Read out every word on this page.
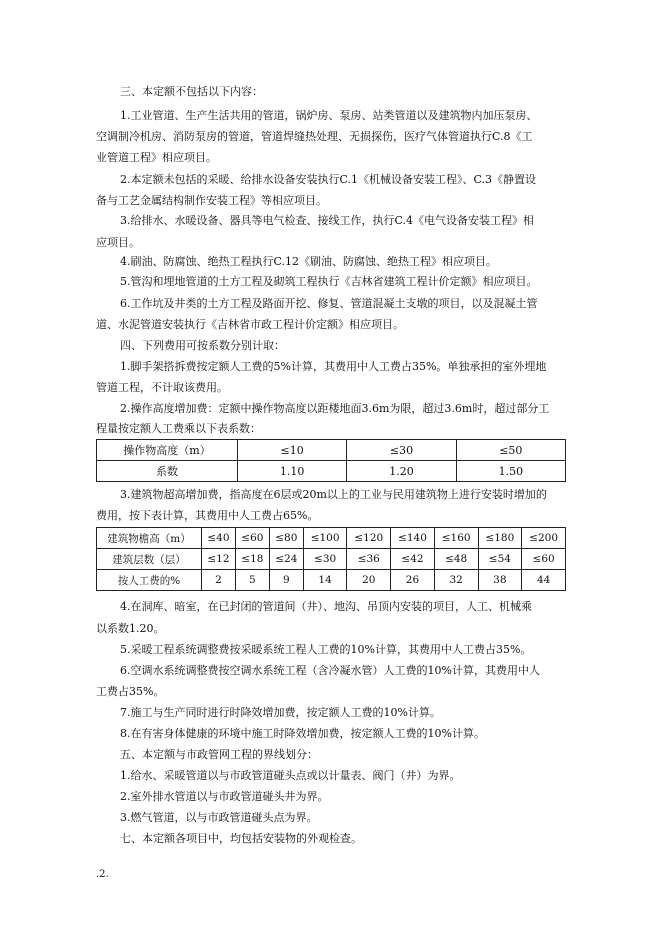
三、本定额不包括以下内容：
1.工业管道、生产生活共用的管道，锅炉房、泵房、站类管道以及建筑物内加压泵房、
空调制冷机房、消防泵房的管道，管道焊缝热处理、无损探伤，医疗气体管道执行C.8《工
业管道工程》相应项目。
2.本定额未包括的采暖、给排水设备安装执行C.1《机械设备安装工程》、C.3《静置设
备与工艺金属结构制作安装工程》等相应项目。
3.给排水、水暖设备、器具等电气检查、接线工作，执行C.4《电气设备安装工程》相
应项目。
4.刷油、防腐蚀、绝热工程执行C.12《刷油、防腐蚀、绝热工程》相应项目。
5.管沟和埋地管道的土方工程及砌筑工程执行《吉林省建筑工程计价定额》相应项目。
6.工作坑及井类的土方工程及路面开挖、修复、管道混凝土支墩的项目，以及混凝土管
道、水泥管道安装执行《吉林省市政工程计价定额》相应项目。
四、下列费用可按系数分别计取：
1.脚手架搭拆费按定额人工费的5%计算，其费用中人工费占35%。单独承担的室外埋地
管道工程，不计取该费用。
2.操作高度增加费：定额中操作物高度以距楼地面3.6m为限，超过3.6m时，超过部分工
程量按定额人工费乘以下表系数：
操作物高度（m）	≤10	≤30	≤50
系数	1.10	1.20	1.50
3.建筑物超高增加费，指高度在6层或20m以上的工业与民用建筑物上进行安装时增加的
费用，按下表计算，其费用中人工费占65%。
建筑物檐高（m）	≤40	≤60	≤80	≤100	≤120	≤140	≤160	≤180	≤200
建筑层数（层）	≤12	≤18	≤24	≤30	≤36	≤42	≤48	≤54	≤60
按人工费的%	2	5	9	14	20	26	32	38	44
4.在洞库、暗室，在已封闭的管道间（井）、地沟、吊顶内安装的项目，人工、机械乘
以系数1.20。
5.采暖工程系统调整费按采暖系统工程人工费的10%计算，其费用中人工费占35%。
6.空调水系统调整费按空调水系统工程（含冷凝水管）人工费的10%计算，其费用中人
工费占35%。
7.施工与生产同时进行时降效增加费，按定额人工费的10%计算。
8.在有害身体健康的环境中施工时降效增加费，按定额人工费的10%计算。
五、本定额与市政管网工程的界线划分：
1.给水、采暖管道以与市政管道碰头点或以计量表、阀门（井）为界。
2.室外排水管道以与市政管道碰头井为界。
3.燃气管道，以与市政管道碰头点为界。
七、本定额各项目中，均包括安装物的外观检查。
.2.
